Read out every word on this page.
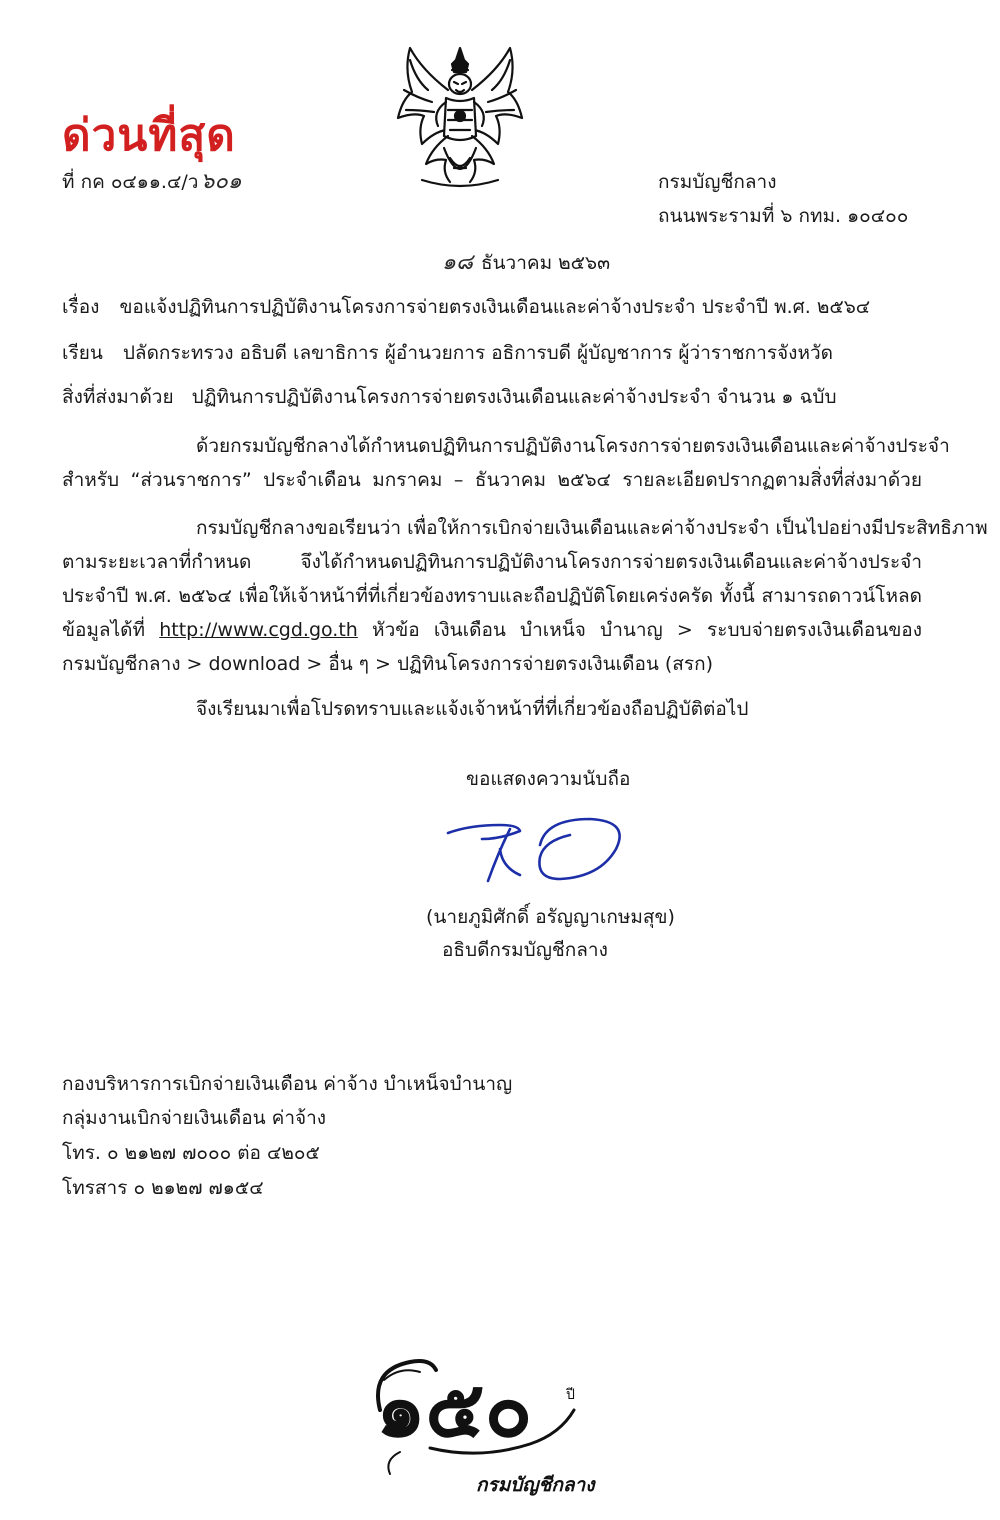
ด่วนที่สุด
ที่ กค ๐๔๑๑.๔/ว๖๐๑	กรมบัญชีกลาง
ถนนพระรามที่ ๖ กทม. ๑๐๔๐๐
๑๘ ธันวาคม ๒๕๖๓
เรื่อง ขอแจ้งปฏิทินการปฏิบัติงานโครงการจ่ายตรงเงินเดือนและค่าจ้างประจำ ประจำปี พ.ศ. ๒๕๖๔
เรียน ปลัดกระทรวง อธิบดี เลขาธิการ ผู้อำนวยการ อธิการบดี ผู้บัญชาการ ผู้ว่าราชการจังหวัด
สิ่งที่ส่งมาด้วย ปฏิทินการปฏิบัติงานโครงการจ่ายตรงเงินเดือนและค่าจ้างประจำ จำนวน ๑ ฉบับ
ด้วยกรมบัญชีกลางได้กำหนดปฏิทินการปฏิบัติงานโครงการจ่ายตรงเงินเดือนและค่าจ้างประจำ
สำหรับ “ส่วนราชการ” ประจำเดือน มกราคม – ธันวาคม ๒๕๖๔ รายละเอียดปรากฏตามสิ่งที่ส่งมาด้วย
กรมบัญชีกลางขอเรียนว่า เพื่อให้การเบิกจ่ายเงินเดือนและค่าจ้างประจำ เป็นไปอย่างมีประสิทธิภาพ
ตามระยะเวลาที่กำหนด จึงได้กำหนดปฏิทินการปฏิบัติงานโครงการจ่ายตรงเงินเดือนและค่าจ้างประจำ
ประจำปี พ.ศ. ๒๕๖๔ เพื่อให้เจ้าหน้าที่ที่เกี่ยวข้องทราบและถือปฏิบัติโดยเคร่งครัด ทั้งนี้ สามารถดาวน์โหลด
ข้อมูลได้ที่ http://www.cgd.go.th หัวข้อ เงินเดือน บำเหน็จ บำนาญ > ระบบจ่ายตรงเงินเดือนของ
กรมบัญชีกลาง > download > อื่น ๆ > ปฏิทินโครงการจ่ายตรงเงินเดือน (สรก)
จึงเรียนมาเพื่อโปรดทราบและแจ้งเจ้าหน้าที่ที่เกี่ยวข้องถือปฏิบัติต่อไป
ขอแสดงความนับถือ
(นายภูมิศักดิ์ อรัญญาเกษมสุข)
อธิบดีกรมบัญชีกลาง
กองบริหารการเบิกจ่ายเงินเดือน ค่าจ้าง บำเหน็จบำนาญ
กลุ่มงานเบิกจ่ายเงินเดือน ค่าจ้าง
โทร. ๐ ๒๑๒๗ ๗๐๐๐ ต่อ ๔๒๐๕
โทรสาร ๐ ๒๑๒๗ ๗๑๕๔
๑๕๐ ปี
กรมบัญชีกลาง
